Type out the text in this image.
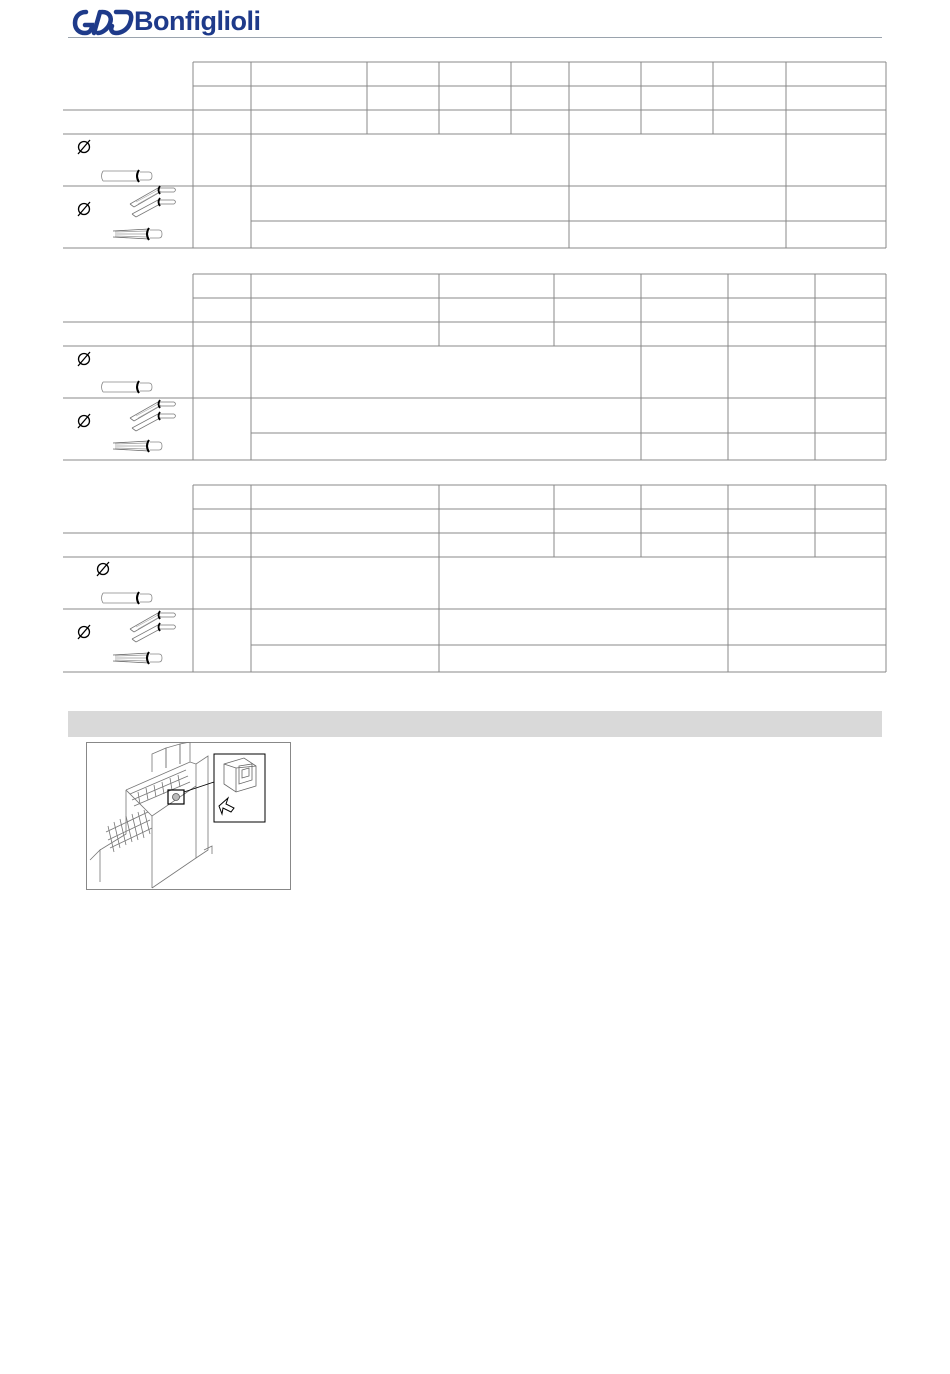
Bonfiglioli
